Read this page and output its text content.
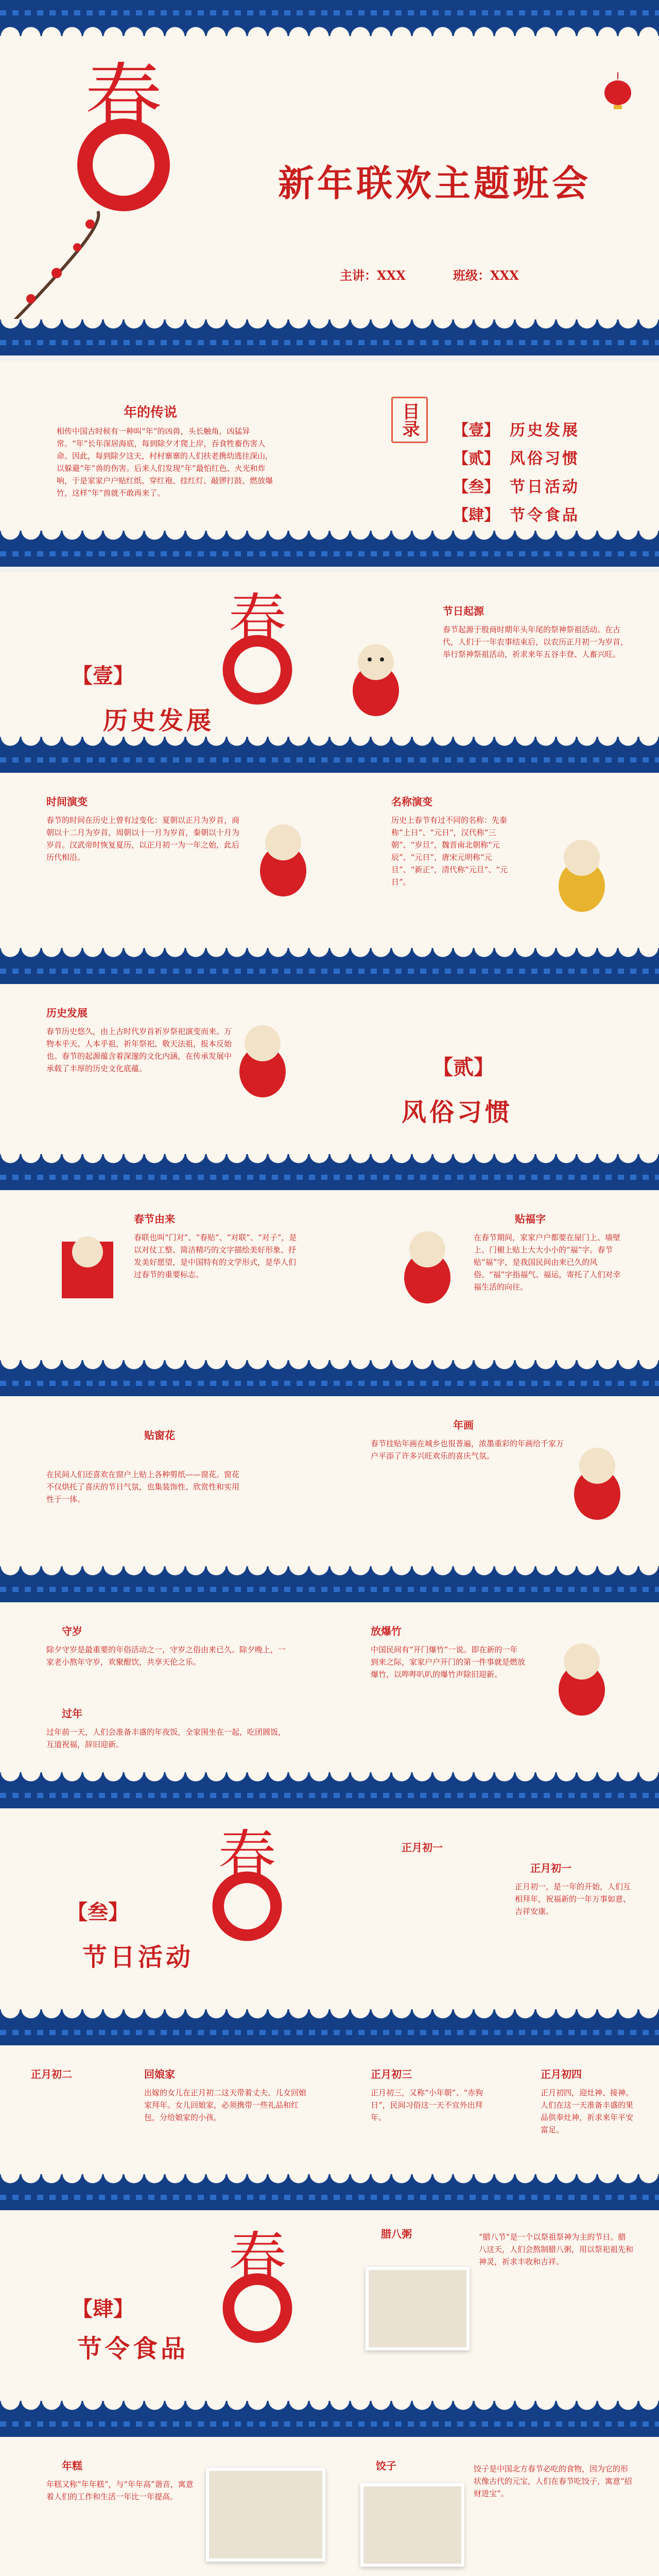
春
新年联欢主题班会
主讲：XXX	班级：XXX
年的传说
相传中国古时候有一种叫“年”的凶兽，头长触角，凶猛异常。“年”长年深居海底，每到除夕才爬上岸，吞食牲畜伤害人命。因此，每到除夕这天，村村寨寨的人们扶老携幼逃往深山，以躲避“年”兽的伤害。后来人们发现“年”最怕红色、火光和炸响，于是家家户户贴红纸、穿红袍、挂红灯、敲锣打鼓、燃放爆竹，这样“年”兽就不敢再来了。
目录	【壹】 历史发展
【贰】 风俗习惯
【叁】 节日活动
【肆】 节令食品
【壹】
历史发展
春	节日起源
春节起源于殷商时期年头年尾的祭神祭祖活动。在古代，人们于一年农事结束后，以农历正月初一为岁首，举行祭神祭祖活动，祈求来年五谷丰登、人畜兴旺。
时间演变
春节的时间在历史上曾有过变化：夏朝以正月为岁首，商朝以十二月为岁首，周朝以十一月为岁首，秦朝以十月为岁首。汉武帝时恢复夏历，以正月初一为一年之始，此后历代相沿。
名称演变
历史上春节有过不同的名称：先秦称“上日”、“元日”，汉代称“三朝”、“岁旦”，魏晋南北朝称“元辰”、“元日”，唐宋元明称“元旦”、“新正”，清代称“元旦”、“元日”。
历史发展
春节历史悠久，由上古时代岁首祈岁祭祀演变而来。万物本乎天、人本乎祖，祈年祭祀、敬天法祖，报本反始也。春节的起源蕴含着深邃的文化内涵，在传承发展中承载了丰厚的历史文化底蕴。	【贰】
风俗习惯
春节由来
春联也叫“门对”、“春贴”、“对联”、“对子”，是以对仗工整、简洁精巧的文字描绘美好形象、抒发美好愿望，是中国特有的文学形式，是华人们过春节的重要标志。
贴福字
在春节期间，家家户户都要在屋门上、墙壁上、门楣上贴上大大小小的“福”字。春节贴“福”字，是我国民间由来已久的风俗。“福”字指福气、福运，寄托了人们对幸福生活的向往。
贴窗花
在民间人们还喜欢在窗户上贴上各种剪纸——窗花。窗花不仅烘托了喜庆的节日气氛，也集装饰性、欣赏性和实用性于一体。
年画
春节挂贴年画在城乡也很普遍，浓墨重彩的年画给千家万户平添了许多兴旺欢乐的喜庆气氛。
守岁
除夕守岁是最重要的年俗活动之一，守岁之俗由来已久。除夕晚上，一家老小熬年守岁，欢聚酣饮，共享天伦之乐。
过年
过年前一天，人们会准备丰盛的年夜饭，全家围坐在一起，吃团圆饭，互道祝福，辞旧迎新。
放爆竹
中国民间有“开门爆竹”一说。即在新的一年到来之际，家家户户开门的第一件事就是燃放爆竹，以哔哔叭叭的爆竹声除旧迎新。
【叁】
节日活动
春	正月初一
正月初一
正月初一，是一年的开始，人们互相拜年，祝福新的一年万事如意、吉祥安康。
正月初二	回娘家
出嫁的女儿在正月初二这天带着丈夫、儿女回娘家拜年。女儿回娘家，必须携带一些礼品和红包，分给娘家的小孩。
正月初三
正月初三，又称“小年朝”、“赤狗日”，民间习俗这一天不宜外出拜年。
正月初四
正月初四，迎灶神、接神。人们在这一天准备丰盛的果品供奉灶神，祈求来年平安富足。
【肆】
节令食品
春	腊八粥	“腊八节”是一个以祭祖祭神为主的节日。腊八这天，人们会熬制腊八粥，用以祭祀祖先和神灵，祈求丰收和吉祥。
年糕
年糕又称“年年糕”，与“年年高”谐音，寓意着人们的工作和生活一年比一年提高。
饺子	饺子是中国北方春节必吃的食物，因为它的形状像古代的元宝，人们在春节吃饺子，寓意“招财进宝”。
